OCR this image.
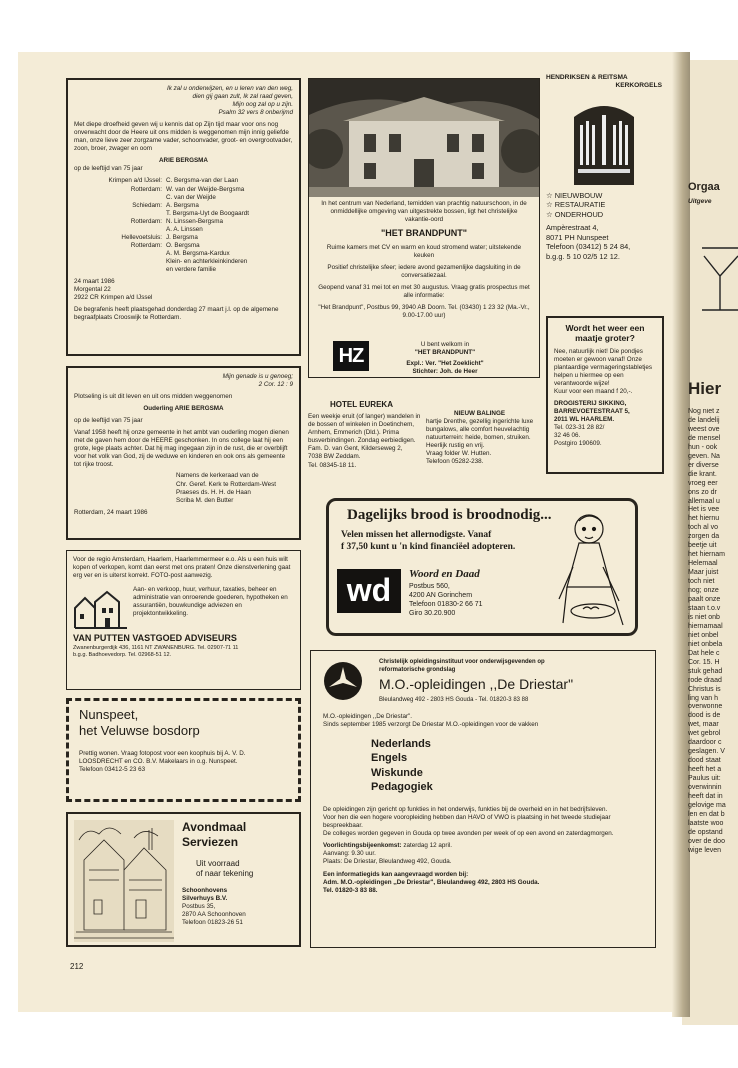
Ik zal u onderwijzen, en u leren van den weg,
dien gij gaan zult, Ik zal raad geven,
Mijn oog zal op u zijn.
Psalm 32 vers 8 onberijmd
Met diepe droefheid geven wij u kennis dat op Zijn tijd maar voor ons nog onverwacht door de Heere uit ons midden is weggenomen mijn innig geliefde man, onze lieve zeer zorgzame vader, schoonvader, groot- en overgrootvader, zoon, broer, zwager en oom
ARIE BERGSMA
op de leeftijd van 75 jaar
Krimpen a/d IJssel: C. Bergsma-van der Laan
Rotterdam: W. van der Weijde-Bergsma
C. van der Weijde
Schiedam: A. Bergsma
T. Bergsma-Uyt de Boogaardt
Rotterdam: N. Linssen-Bergsma
A. A. Linssen
Hellevoetsluis: J. Bergsma
Rotterdam: O. Bergsma
A. M. Bergsma-Kardux
Klein- en achterkleinkinderen
en verdere familie
24 maart 1986
Morgental 22
2922 CR Krimpen a/d IJssel
De begrafenis heeft plaatsgehad donderdag 27 maart j.l. op de algemene begraafplaats Crooswijk te Rotterdam.
Mijn genade is u genoeg;
2 Cor. 12 : 9
Plotseling is uit dit leven en uit ons midden weggenomen
Ouderling ARIE BERGSMA
op de leeftijd van 75 jaar
Vanaf 1958 heeft hij onze gemeente in het ambt van ouderling mogen dienen met de gaven hem door de HEERE geschonken. In ons college laat hij een grote, lege plaats achter. Dat hij mag ingegaan zijn in de rust, die er overblijft voor het volk van God, zij de weduwe en kinderen en ook ons als gemeente tot rijke troost.
Namens de kerkeraad van de
Chr. Geref. Kerk te Rotterdam-West
Praeses ds. H. H. de Haan
Scriba M. den Butter
Rotterdam, 24 maart 1986
Voor de regio Amsterdam, Haarlem, Haarlemmermeer e.o. Als u een huis wilt kopen of verkopen, komt dan eerst met ons praten! Onze dienstverlening gaat erg ver en is uiterst korrekt. FOTO-post aanwezig.
Aan- en verkoop, huur, verhuur, taxaties, beheer en administratie van onroerende goederen, hypotheken en assurantiën, bouwkundige adviezen en projektontwikkeling.
VAN PUTTEN VASTGOED ADVISEURS
Zwanenburgerdijk 436, 1161 NT ZWANENBURG. Tel. 02907-71 11
b.g.g. Badhoevedorp. Tel. 02968-51 12.
Nunspeet,
het Veluwse bosdorp
Prettig wonen. Vraag fotopost voor een koophuis bij A. V. D. LOOSDRECHT en CO. B.V. Makelaars in o.g. Nunspeet.
Telefoon 03412-5 23 63
Avondmaal
Serviezen
Uit voorraad
of naar tekening
Schoonhovens
Silverhuys B.V.
Postbus 35,
2870 AA Schoonhoven
Telefoon 01823-26 51
In het centrum van Nederland, temidden van prachtig natuurschoon, in de onmiddellijke omgeving van uitgestrekte bossen, ligt het christelijke vakantie-oord
"HET BRANDPUNT"
Ruime kamers met CV en warm en koud stromend water; uitstekende keuken
Positief christelijke sfeer; iedere avond gezamenlijke dagsluiting in de conversatiezaal.
Geopend vanaf 31 mei tot en met 30 augustus. Vraag gratis prospectus met alle informatie:
"Het Brandpunt", Postbus 99, 3940 AB Doorn. Tel. (03430) 1 23 32 (Ma.-Vr., 9.00-17.00 uur)
HZ
U bent welkom in
"HET BRANDPUNT"
Expl.: Ver. "Het Zoeklicht"
Stichter: Joh. de Heer
HOTEL EUREKA
Een weekje eruit (of langer) wandelen in de bossen of winkelen in Doetinchem, Arnhem, Emmerich (Dld.). Prima busverbindingen. Zondag eerbiedigen.
Fam. D. van Gent, Kilderseweg 2,
7038 BW Zeddam.
Tel. 08345-18 11.
NIEUW BALINGE
hartje Drenthe, gezellig ingerichte luxe bungalows, alle comfort heuvelachtig natuurterrein: heide, bomen, struiken. Heerlijk rustig en vrij.
Vraag folder W. Hutten.
Telefoon 05282-238.
HENDRIKSEN & REITSMA
KERKORGELS
☆ NIEUWBOUW
☆ RESTAURATIE
☆ ONDERHOUD
Ampèrestraat 4,
8071 PH Nunspeet
Telefoon (03412) 5 24 84,
b.g.g. 5 10 02/5 12 12.
Wordt het weer een
maatje groter?
Nee, natuurlijk niet! Die pondjes moeten er gewoon vanaf! Onze plantaardige vermageringstabletjes helpen u hiermee op een verantwoorde wijze!
Kuur voor een maand f 20,-.
DROGISTERIJ SIKKING,
BARREVOETESTRAAT 5,
2011 WL HAARLEM.
Tel. 023-31 28 82/
32 46 06.
Postgiro 190609.
Dagelijks brood is broodnodig...
Velen missen het allernodigste. Vanaf
f 37,50 kunt u 'n kind financiëel adopteren.
wd	Woord en Daad
Postbus 560,
4200 AN Gorinchem
Telefoon 01830-2 66 71
Giro 30.20.900
Christelijk opleidingsinstituut voor onderwijsgevenden op
reformatorische grondslag
M.O.-opleidingen ,,De Driestar"
Bleulandweg 492 - 2803 HS Gouda - Tel. 01820-3 83 88
M.O.-opleidingen ,,De Driestar".
Sinds september 1985 verzorgt De Driestar M.O.-opleidingen voor de vakken
Nederlands
Engels
Wiskunde
Pedagogiek
De opleidingen zijn gericht op funkties in het onderwijs, funkties bij de overheid en in het bedrijfsleven.
Voor hen die een hogere vooropleiding hebben dan HAVO of VWO is plaatsing in het tweede studiejaar bespreekbaar.
De colleges worden gegeven in Gouda op twee avonden per week of op een avond en zaterdagmorgen.
Voorlichtingsbijeenkomst: zaterdag 12 april.
Aanvang: 9.30 uur.
Plaats: De Driestar, Bleulandweg 492, Gouda.
Een informatiegids kan aangevraagd worden bij:
Adm. M.O.-opleidingen ,,De Driestar", Bleulandweg 492, 2803 HS Gouda.
Tel. 01820-3 83 88.
212
Orgaa
Uitgeve
Hier
Nog niet z
de landelij
weest ove
de mensel
hun - ook
geven. Na
er diverse
die krant.
vroeg eer
ons zo dr
allemaal u
Het is vee
het hiernu
toch al vo
zorgen da
beetje uit
het hiernam
Helemaal
Maar juist
toch niet
nog; onze
paalt onze
staan t.o.v
is niet onb
hiernamaal
niet onbel
niet onbela
Dat hele c
Cor. 15. H
stuk gehad
rode draad
Christus is
ling van h
overwonne
dood is de
wet, maar
wet gebrol
daardoor c
geslagen. V
dood staat
heeft het a
Paulus uit:
overwinnin
heeft dat in
gelovige ma
len en dat b
laatste woo
de opstand
over de doo
wige leven
